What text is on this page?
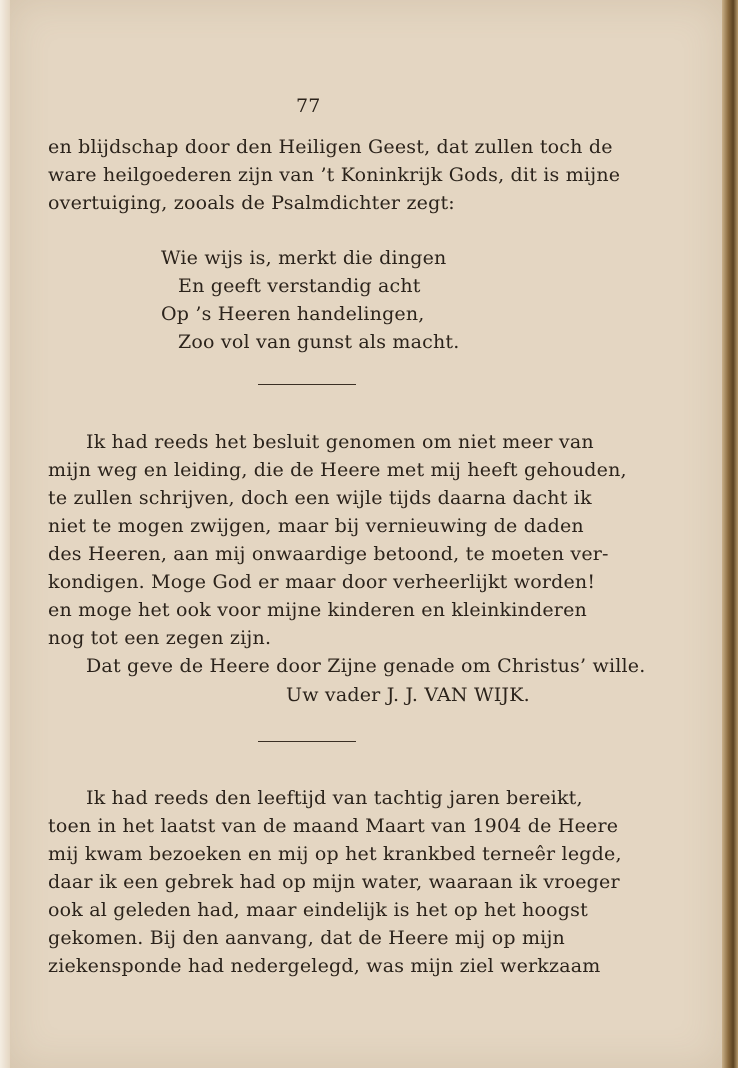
77
en blijdschap door den Heiligen Geest, dat zullen toch de
ware heilgoederen zijn van ’t Koninkrijk Gods, dit is mijne
overtuiging, zooals de Psalmdichter zegt:
Wie wijs is, merkt die dingen
En geeft verstandig acht
Op ’s Heeren handelingen,
Zoo vol van gunst als macht.
Ik had reeds het besluit genomen om niet meer van
mijn weg en leiding, die de Heere met mij heeft gehouden,
te zullen schrijven, doch een wijle tijds daarna dacht ik
niet te mogen zwijgen, maar bij vernieuwing de daden
des Heeren, aan mij onwaardige betoond, te moeten ver-
kondigen. Moge God er maar door verheerlijkt worden!
en moge het ook voor mijne kinderen en kleinkinderen
nog tot een zegen zijn.
Dat geve de Heere door Zijne genade om Christus’ wille.
Uw vader J. J. VAN WIJK.
Ik had reeds den leeftijd van tachtig jaren bereikt,
toen in het laatst van de maand Maart van 1904 de Heere
mij kwam bezoeken en mij op het krankbed terneêr legde,
daar ik een gebrek had op mijn water, waaraan ik vroeger
ook al geleden had, maar eindelijk is het op het hoogst
gekomen. Bij den aanvang, dat de Heere mij op mijn
ziekensponde had nedergelegd, was mijn ziel werkzaam
